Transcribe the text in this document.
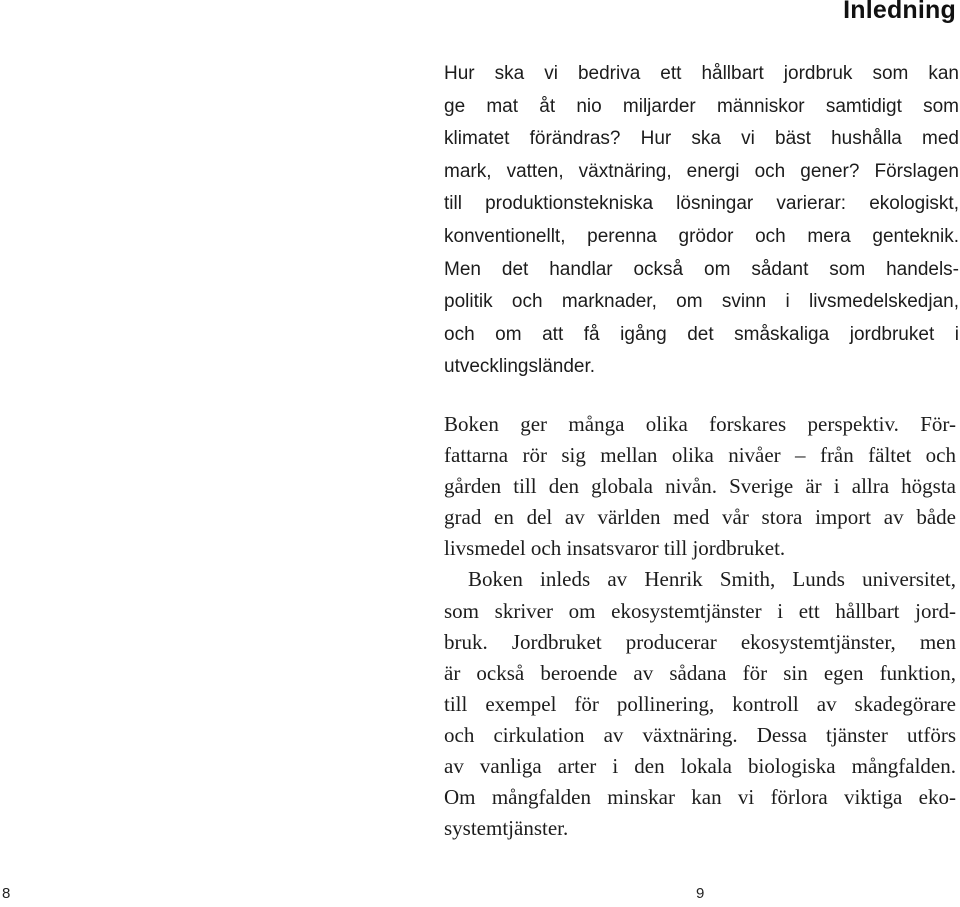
Inledning
Hur ska vi bedriva ett hållbart jordbruk som kan
ge mat åt nio miljarder människor samtidigt som
klimatet förändras? Hur ska vi bäst hushålla med
mark, vatten, växtnäring, energi och gener? Förslagen
till produktionstekniska lösningar varierar: ekologiskt,
konventionellt, perenna grödor och mera genteknik.
Men det handlar också om sådant som handels-
politik och marknader, om svinn i livsmedelskedjan,
och om att få igång det småskaliga jordbruket i
utvecklingsländer.
Boken ger många olika forskares perspektiv. För-
fattarna rör sig mellan olika nivåer – från fältet och
gården till den globala nivån. Sverige är i allra högsta
grad en del av världen med vår stora import av både
livsmedel och insatsvaror till jordbruket.
Boken inleds av Henrik Smith, Lunds universitet,
som skriver om ekosystemtjänster i ett hållbart jord-
bruk. Jordbruket producerar ekosystemtjänster, men
är också beroende av sådana för sin egen funktion,
till exempel för pollinering, kontroll av skadegörare
och cirkulation av växtnäring. Dessa tjänster utförs
av vanliga arter i den lokala biologiska mångfalden.
Om mångfalden minskar kan vi förlora viktiga eko-
systemtjänster.
8	9
